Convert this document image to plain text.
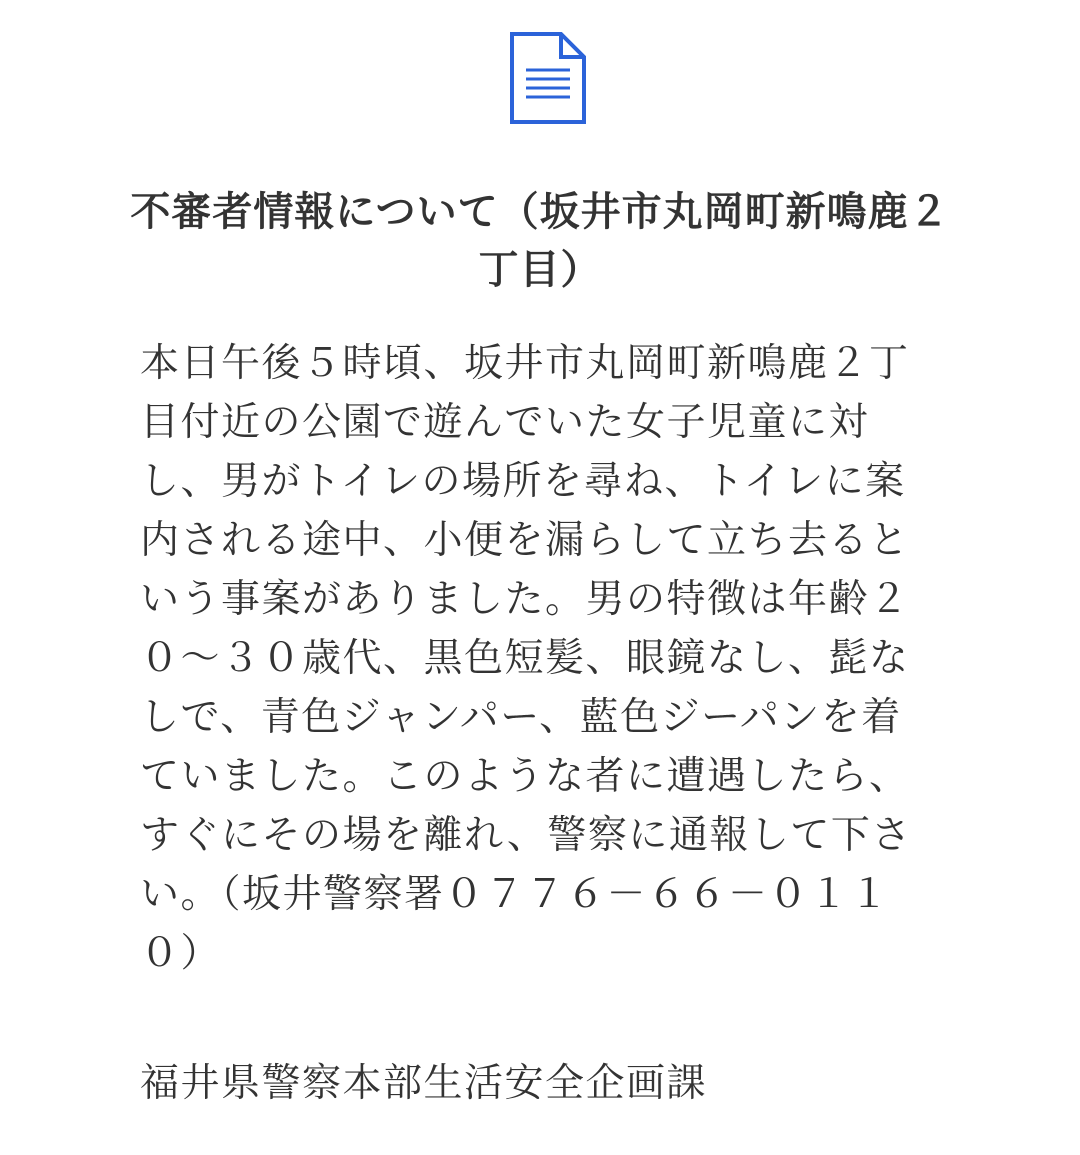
不審者情報について（坂井市丸岡町新鳴鹿２丁目）

本日午後５時頃、坂井市丸岡町新鳴鹿２丁目付近の公園で遊んでいた女子児童に対し、男がトイレの場所を尋ね、トイレに案内される途中、小便を漏らして立ち去るという事案がありました。男の特徴は年齢２０～３０歳代、黒色短髪、眼鏡なし、髭なしで、青色ジャンパー、藍色ジーパンを着ていました。このような者に遭遇したら、すぐにその場を離れ、警察に通報して下さい。（坂井警察署０７７６－６６－０１１０）

福井県警察本部生活安全企画課
